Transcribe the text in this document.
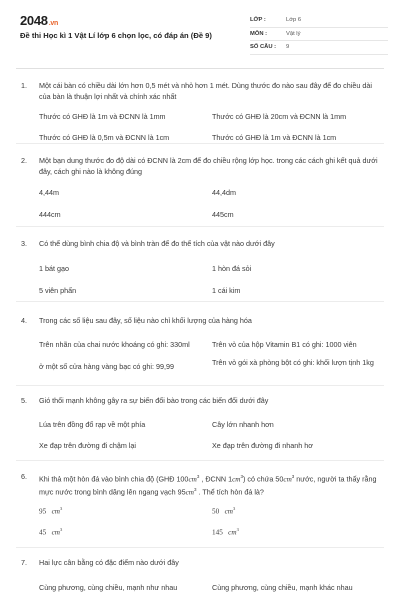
2048.vn
Đề thi Học kì 1 Vật Lí lớp 6 chọn lọc, có đáp án (Đề 9)
LỚP :	Lớp 6
MÔN :	Vật lý
SỐ CÂU :	9
1. Một cái bàn có chiều dài lớn hơn 0,5 mét và nhỏ hơn 1 mét. Dùng thước đo nào sau đây để đo chiều dài của bàn là thuận lợi nhất và chính xác nhất
Thước có GHĐ là 1m và ĐCNN là 1mm	Thước có GHĐ là 20cm và ĐCNN là 1mm
Thước có GHĐ là 0,5m và ĐCNN là 1cm	Thước có GHĐ là 1m và ĐCNN là 1cm
2. Một bạn dung thước đo độ dài có ĐCNN là 2cm để đo chiều rộng lớp học. trong các cách ghi kết quả dưới đây, cách ghi nào là không đúng
4,44m	44,4dm
444cm	445cm
3. Có thể dùng bình chia độ và bình tràn để đo thể tích của vật nào dưới đây
1 bát gạo	1 hòn đá sỏi
5 viên phấn	1 cái kim
4. Trong các số liệu sau đây, số liệu nào chỉ khối lượng của hàng hóa
Trên nhãn của chai nước khoáng có ghi: 330ml	Trên vỏ của hộp Vitamin B1 có ghi: 1000 viên
ở một số cửa hàng vàng bạc có ghi: 99,99	Trên vỏ gói xà phòng bột có ghi: khối lượn tịnh 1kg
5. Gió thổi mạnh không gây ra sự biến đổi bào trong các biến đổi dưới đây
Lúa trên đồng đổ rạp về một phía	Cây lớn nhanh hơn
Xe đạp trên đường đi chậm lại	Xe đạp trên đường đi nhanh hơ
6. Khi thả một hòn đá vào bình chia độ (GHĐ $100cm^3$ , ĐCNN $1cm^3$) có chứa $50cm^3$ nước, người ta thấy rằng mực nước trong bình dâng lên ngang vạch $95cm^3$ . Thể tích hòn đá là?
95 $cm^3$	50 $cm^3$
45 $cm^3$	145 $cm^3$
7. Hai lực cân bằng có đặc điểm nào dưới đây
Cùng phương, cùng chiều, mạnh như nhau	Cùng phương, cùng chiều, mạnh khác nhau
